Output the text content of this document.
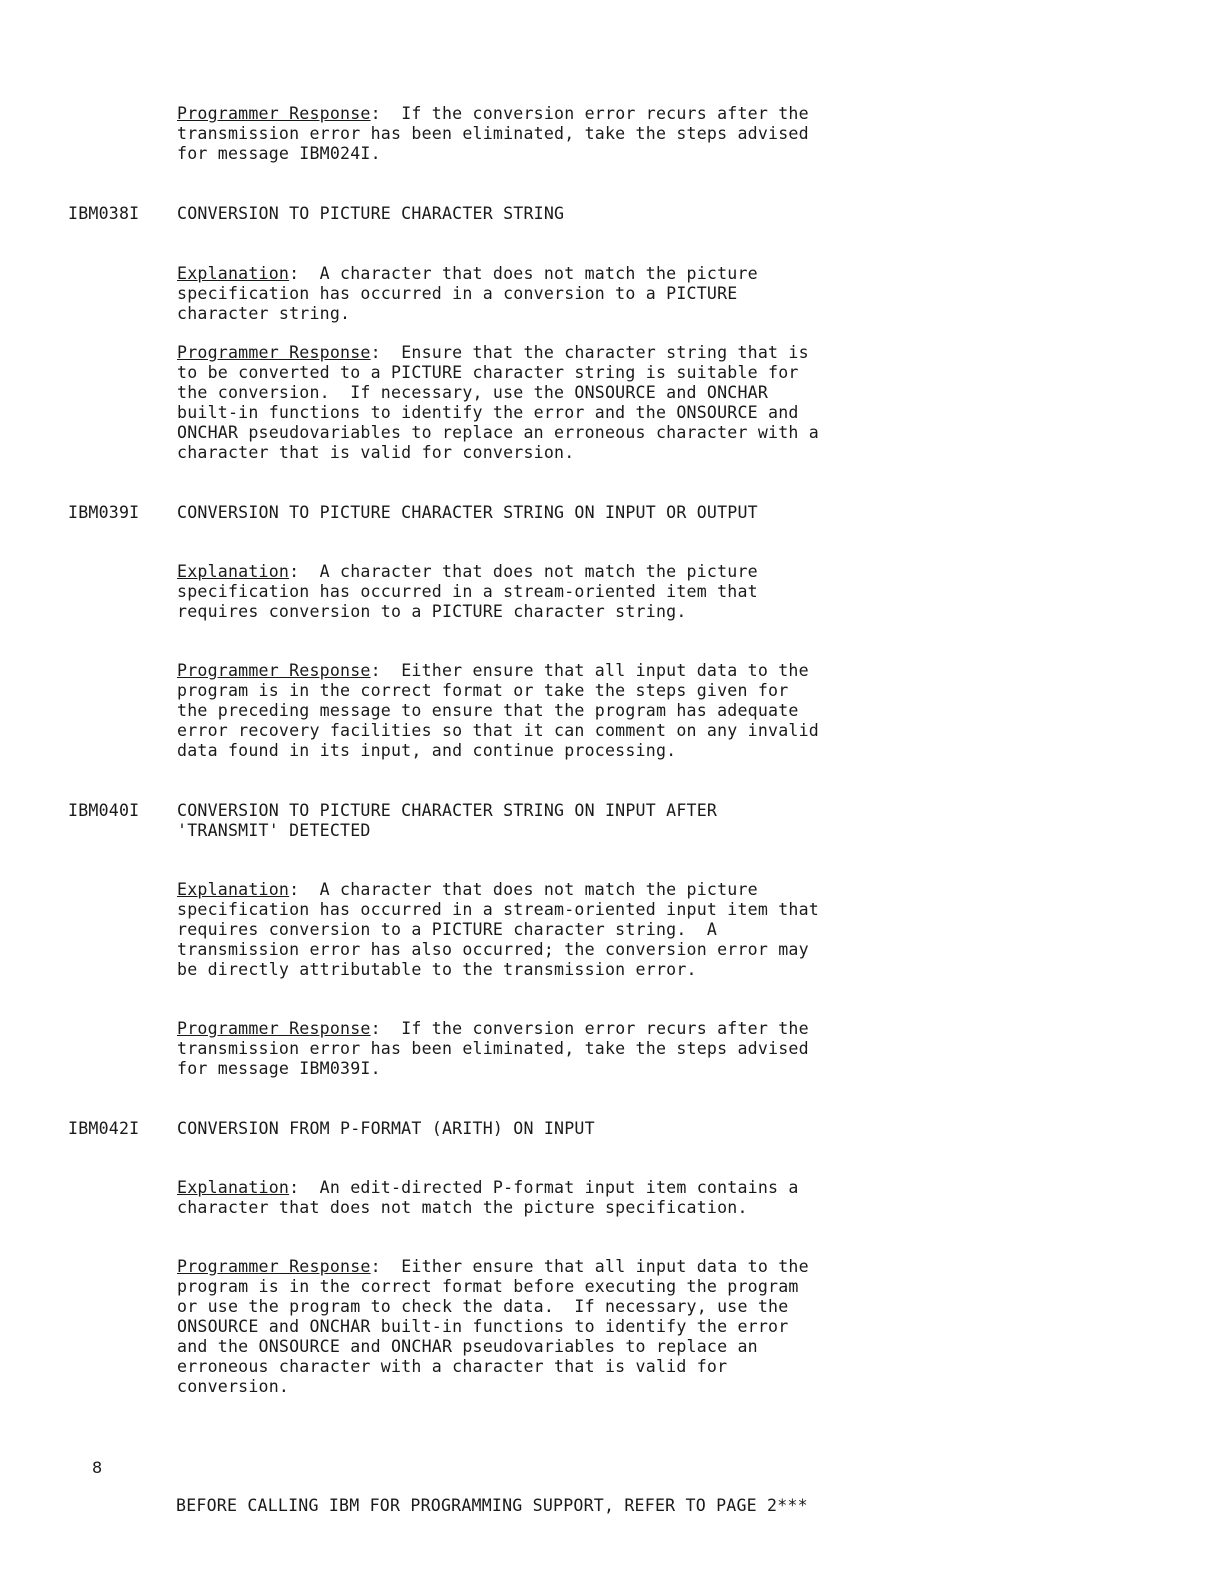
Programmer Response:  If the conversion error recurs after the
transmission error has been eliminated, take the steps advised
for message IBM024I.
IBM038I CONVERSION TO PICTURE CHARACTER STRING
Explanation:  A character that does not match the picture
specification has occurred in a conversion to a PICTURE
character string.
Programmer Response:  Ensure that the character string that is
to be converted to a PICTURE character string is suitable for
the conversion.  If necessary, use the ONSOURCE and ONCHAR
built-in functions to identify the error and the ONSOURCE and
ONCHAR pseudovariables to replace an erroneous character with a
character that is valid for conversion.
IBM039I CONVERSION TO PICTURE CHARACTER STRING ON INPUT OR OUTPUT
Explanation:  A character that does not match the picture
specification has occurred in a stream-oriented item that
requires conversion to a PICTURE character string.
Programmer Response:  Either ensure that all input data to the
program is in the correct format or take the steps given for
the preceding message to ensure that the program has adequate
error recovery facilities so that it can comment on any invalid
data found in its input, and continue processing.
IBM040I CONVERSION TO PICTURE CHARACTER STRING ON INPUT AFTER
'TRANSMIT' DETECTED
Explanation:  A character that does not match the picture
specification has occurred in a stream-oriented input item that
requires conversion to a PICTURE character string.  A
transmission error has also occurred; the conversion error may
be directly attributable to the transmission error.
Programmer Response:  If the conversion error recurs after the
transmission error has been eliminated, take the steps advised
for message IBM039I.
IBM042I CONVERSION FROM P-FORMAT (ARITH) ON INPUT
Explanation:  An edit-directed P-format input item contains a
character that does not match the picture specification.
Programmer Response:  Either ensure that all input data to the
program is in the correct format before executing the program
or use the program to check the data.  If necessary, use the
ONSOURCE and ONCHAR built-in functions to identify the error
and the ONSOURCE and ONCHAR pseudovariables to replace an
erroneous character with a character that is valid for
conversion.
8
BEFORE CALLING IBM FOR PROGRAMMING SUPPORT, REFER TO PAGE 2***
